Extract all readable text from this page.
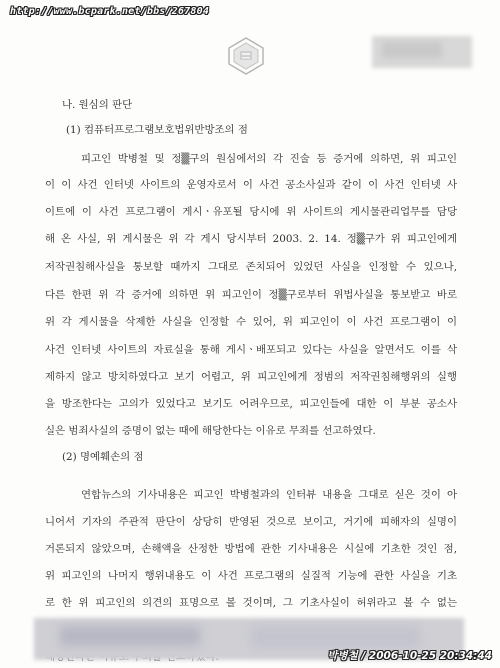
http://www.bcpark.net/bbs/267804
나. 원심의 판단
(1) 컴퓨터프로그램보호법위반방조의 점
피고인 박병철 및 정▒구의 원심에서의 각 진술 등 증거에 의하면, 위 피고인
이 이 사건 인터넷 사이트의 운영자로서 이 사건 공소사실과 같이 이 사건 인터넷 사
이트에 이 사건 프로그램이 게시ㆍ유포될 당시에 위 사이트의 게시물관리업무를 담당
해 온 사실, 위 게시물은 위 각 게시 당시부터 2003. 2. 14. 정▒구가 위 피고인에게
저작권침해사실을 통보할 때까지 그대로 존치되어 있었던 사실을 인정할 수 있으나,
다른 한편 위 각 증거에 의하면 위 피고인이 정▒구로부터 위법사실을 통보받고 바로
위 각 게시물을 삭제한 사실을 인정할 수 있어, 위 피고인이 이 사건 프로그램이 이
사건 인터넷 사이트의 자료실을 통해 게시ㆍ배포되고 있다는 사실을 알면서도 이를 삭
제하지 않고 방치하였다고 보기 어렵고, 위 피고인에게 정범의 저작권침해행위의 실행
을 방조한다는 고의가 있었다고 보기도 어려우므로, 피고인들에 대한 이 부분 공소사
실은 범죄사실의 증명이 없는 때에 해당한다는 이유로 무죄를 선고하였다.
(2) 명예훼손의 점
연합뉴스의 기사내용은 피고인 박병철과의 인터뷰 내용을 그대로 싣은 것이 아
니어서 기자의 주관적 판단이 상당히 반영된 것으로 보이고, 거기에 피해자의 실명이
거론되지 않았으며, 손해액을 산정한 방법에 관한 기사내용은 시실에 기초한 것인 점,
위 피고인의 나머지 행위내용도 이 사건 프로그램의 실질적 기능에 관한 사실을 기초
로 한 위 피고인의 의견의 표명으로 볼 것이며, 그 기초사실이 허위라고 볼 수 없는
박병철 / 2006-10-25 20:34:44
